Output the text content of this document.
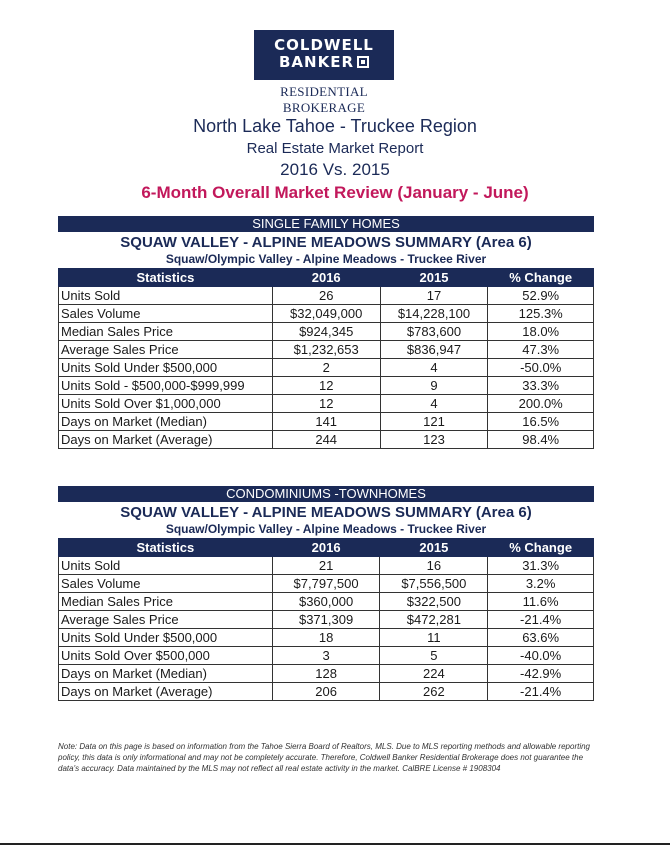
COLDWELL
BANKER
RESIDENTIAL BROKERAGE
North Lake Tahoe - Truckee Region
Real Estate Market Report
2016 Vs. 2015
6-Month Overall Market Review (January - June)
SINGLE FAMILY HOMES
SQUAW VALLEY - ALPINE MEADOWS SUMMARY (Area 6)
Squaw/Olympic Valley - Alpine Meadows - Truckee River
Statistics	2016	2015	% Change
Units Sold	26	17	52.9%
Sales Volume	$32,049,000	$14,228,100	125.3%
Median Sales Price	$924,345	$783,600	18.0%
Average Sales Price	$1,232,653	$836,947	47.3%
Units Sold Under $500,000	2	4	-50.0%
Units Sold - $500,000-$999,999	12	9	33.3%
Units Sold Over $1,000,000	12	4	200.0%
Days on Market (Median)	141	121	16.5%
Days on Market (Average)	244	123	98.4%
CONDOMINIUMS -TOWNHOMES
SQUAW VALLEY - ALPINE MEADOWS SUMMARY (Area 6)
Squaw/Olympic Valley - Alpine Meadows - Truckee River
Statistics	2016	2015	% Change
Units Sold	21	16	31.3%
Sales Volume	$7,797,500	$7,556,500	3.2%
Median Sales Price	$360,000	$322,500	11.6%
Average Sales Price	$371,309	$472,281	-21.4%
Units Sold Under $500,000	18	11	63.6%
Units Sold Over $500,000	3	5	-40.0%
Days on Market (Median)	128	224	-42.9%
Days on Market (Average)	206	262	-21.4%
Note: Data on this page is based on information from the Tahoe Sierra Board of Realtors, MLS. Due to MLS reporting methods and allowable reporting policy, this data is only informational and may not be completely accurate. Therefore, Coldwell Banker Residential Brokerage does not guarantee the data's accuracy. Data maintained by the MLS may not reflect all real estate activity in the market. CalBRE License # 1908304
